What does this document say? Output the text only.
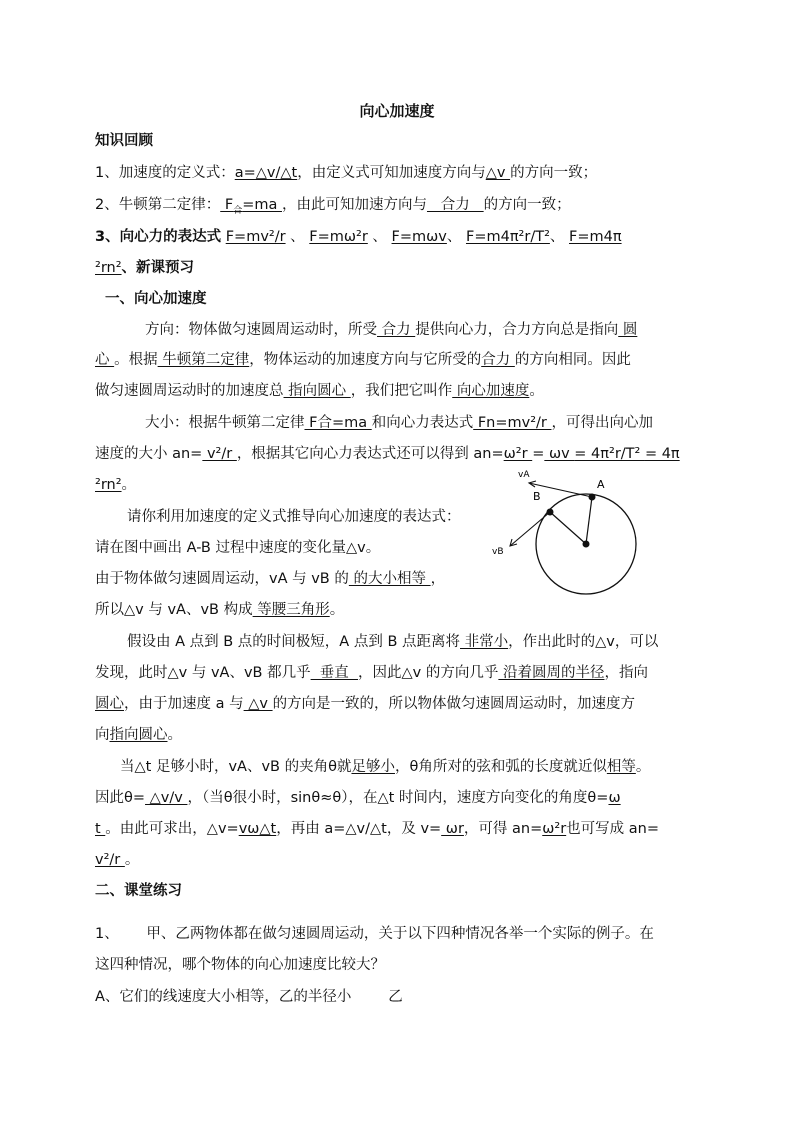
向心加速度
知识回顾
1、加速度的定义式：a=△v/△t，由定义式可知加速度方向与△v 的方向一致；
2、牛顿第二定律： $F_合=ma$ ，由此可知加速方向与   合力   的方向一致；
3、向心力的表达式 F=mv²/r 、 F=mω²r 、 F=mωv、 F=m4π²r/T²、 F=m4π
²rn²、新课预习
一、向心加速度
方向：物体做匀速圆周运动时，所受 合力 提供向心力，合力方向总是指向 圆
心 。根据 牛顿第二定律，物体运动的加速度方向与它所受的合力 的方向相同。因此
做匀速圆周运动时的加速度总 指向圆心 ，我们把它叫作 向心加速度。
大小：根据牛顿第二定律 F合=ma 和向心力表达式 Fn=mv²/r ，可得出向心加
速度的大小 an= v²/r ，根据其它向心力表达式还可以得到 an=ω²r = ωv = 4π²r/T² = 4π
²rn²。
请你利用加速度的定义式推导向心加速度的表达式：
请在图中画出 A-B 过程中速度的变化量△v。
由于物体做匀速圆周运动，vA 与 vB 的 的大小相等 ，
所以△v 与 vA、vB 构成 等腰三角形。
假设由 A 点到 B 点的时间极短，A 点到 B 点距离将 非常小，作出此时的△v，可以
发现，此时△v 与 vA、vB 都几乎  垂直  ，因此△v 的方向几乎 沿着圆周的半径，指向
圆心，由于加速度 a 与 △v 的方向是一致的，所以物体做匀速圆周运动时，加速度方
向指向圆心。
当△t 足够小时，vA、vB 的夹角θ就足够小，θ角所对的弦和弧的长度就近似相等。
因此θ= △v/v ，（当θ很小时，sinθ≈θ），在△t 时间内，速度方向变化的角度θ=ω
t 。由此可求出，△v=vω△t，再由 a=△v/△t，及 v= ωr，可得 an=ω²r也可写成 an=
v²/r 。
二、课堂练习
1、      甲、乙两物体都在做匀速圆周运动，关于以下四种情况各举一个实际的例子。在
这四种情况，哪个物体的向心加速度比较大？
A、它们的线速度大小相等，乙的半径小        乙
A
B
vA
vB
